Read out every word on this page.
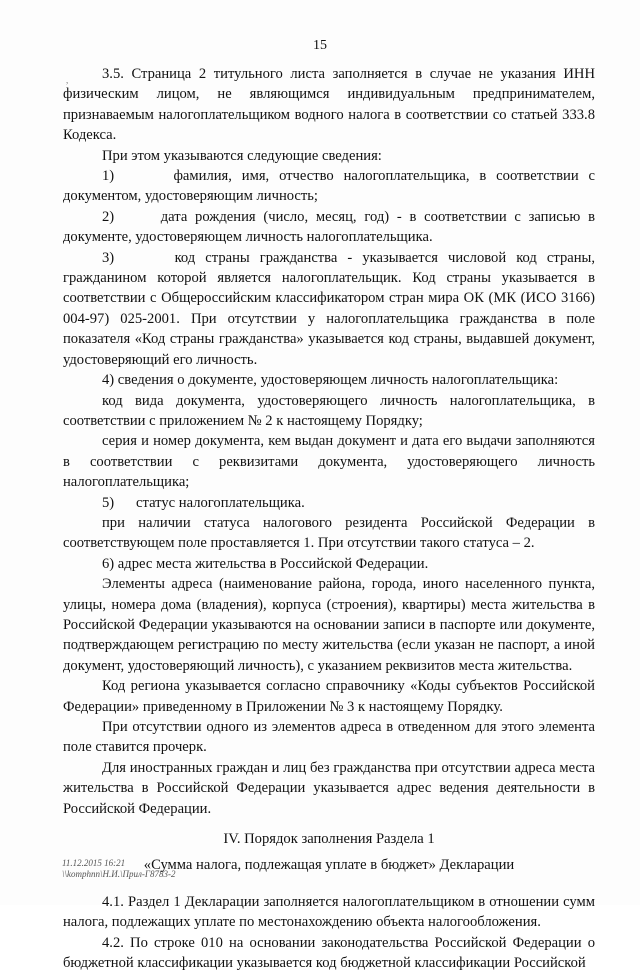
15
,	3.5. Страница 2 титульного листа заполняется в случае не указания ИНН физическим лицом, не являющимся индивидуальным предпринимателем, признаваемым налогоплательщиком водного налога в соответствии со статьей 333.8 Кодекса.

При этом указываются следующие сведения:

1)      фамилия, имя, отчество налогоплательщика, в соответствии с документом, удостоверяющим личность;

2)      дата рождения (число, месяц, год) - в соответствии с записью в документе, удостоверяющем личность налогоплательщика.

3)      код страны гражданства - указывается числовой код страны, гражданином которой является налогоплательщик. Код страны указывается в соответствии с Общероссийским классификатором стран мира ОК (МК (ИСО 3166) 004-97) 025-2001. При отсутствии у налогоплательщика гражданства в поле показателя «Код страны гражданства» указывается код страны, выдавшей документ, удостоверяющий его личность.

4) сведения о документе, удостоверяющем личность налогоплательщика:

код вида документа, удостоверяющего личность налогоплательщика, в соответствии с приложением № 2 к настоящему Порядку;

серия и номер документа, кем выдан документ и дата его выдачи заполняются в соответствии с реквизитами документа, удостоверяющего личность налогоплательщика;

5)      статус налогоплательщика.

при наличии статуса налогового резидента Российской Федерации в соответствующем поле проставляется 1. При отсутствии такого статуса – 2.

6) адрес места жительства в Российской Федерации.

Элементы адреса (наименование района, города, иного населенного пункта, улицы, номера дома (владения), корпуса (строения), квартиры) места жительства в Российской Федерации указываются на основании записи в паспорте или документе, подтверждающем регистрацию по месту жительства (если указан не паспорт, а иной документ, удостоверяющий личность), с указанием реквизитов места жительства.

Код региона указывается согласно справочнику «Коды субъектов Российской Федерации» приведенному в Приложении № 3 к настоящему Порядку.

При отсутствии одного из элементов адреса в отведенном для этого элемента поле ставится прочерк.

Для иностранных граждан и лиц без гражданства при отсутствии адреса места жительства в Российской Федерации указывается адрес ведения деятельности в Российской Федерации.

IV. Порядок заполнения Раздела 1

«Сумма налога, подлежащая уплате в бюджет» Декларации

4.1. Раздел 1 Декларации заполняется налогоплательщиком в отношении сумм налога, подлежащих уплате по местонахождению объекта налогообложения.

4.2. По строке 010 на основании законодательства Российской Федерации о бюджетной классификации указывается код бюджетной классификации Российской

11.12.2015 16:21
\\komphnn\Н.И.\Прил-Г8783-2
